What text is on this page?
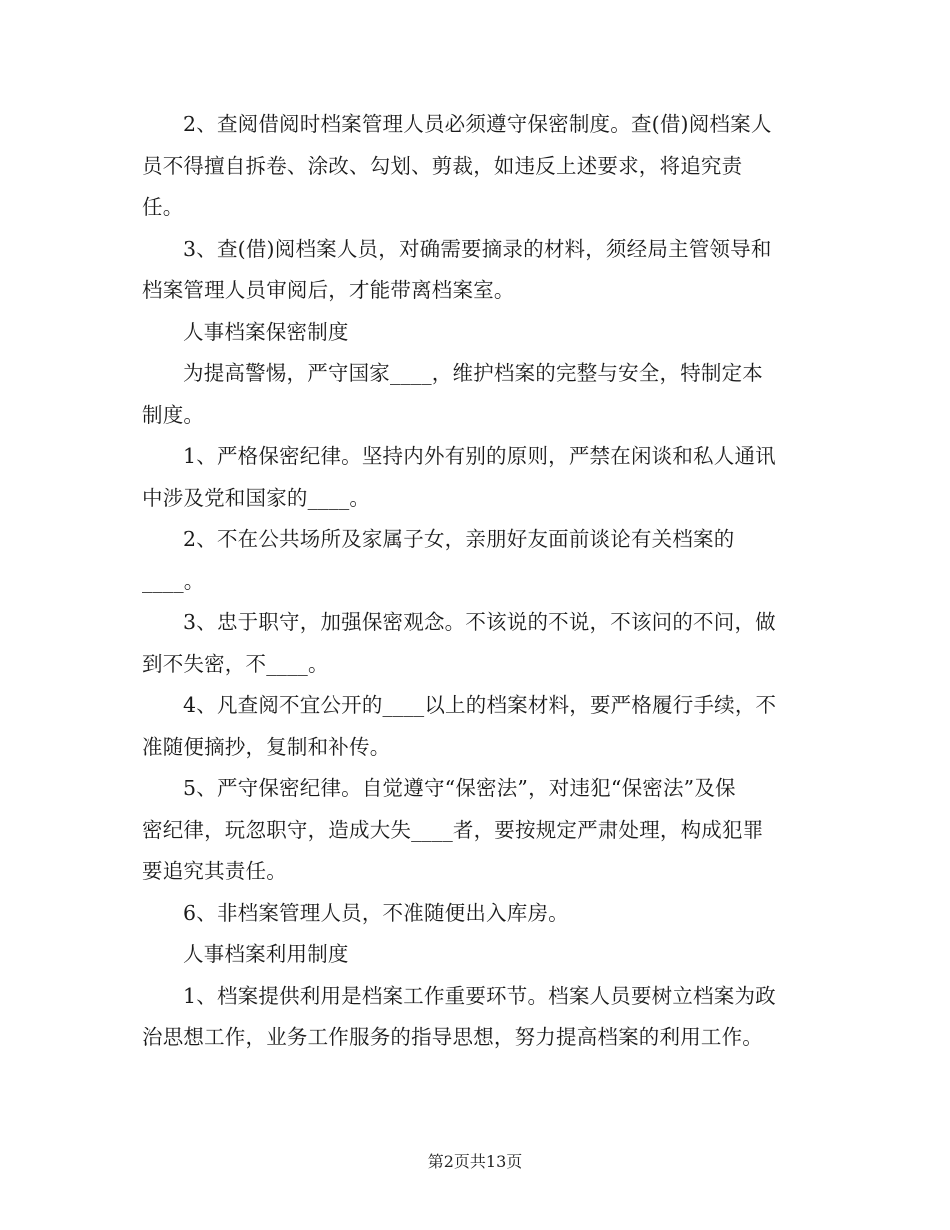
2、查阅借阅时档案管理人员必须遵守保密制度。查(借)阅档案人
员不得擅自拆卷、涂改、勾划、剪裁，如违反上述要求，将追究责
任。

3、查(借)阅档案人员，对确需要摘录的材料，须经局主管领导和
档案管理人员审阅后，才能带离档案室。

人事档案保密制度

为提高警惕，严守国家____，维护档案的完整与安全，特制定本
制度。

1、严格保密纪律。坚持内外有别的原则，严禁在闲谈和私人通讯
中涉及党和国家的____。

2、不在公共场所及家属子女，亲朋好友面前谈论有关档案的
____。

3、忠于职守，加强保密观念。不该说的不说，不该问的不问，做
到不失密，不____。

4、凡查阅不宜公开的____以上的档案材料，要严格履行手续，不
准随便摘抄，复制和补传。

5、严守保密纪律。自觉遵守“保密法”，对违犯“保密法”及保
密纪律，玩忽职守，造成大失____者，要按规定严肃处理，构成犯罪
要追究其责任。

6、非档案管理人员，不准随便出入库房。

人事档案利用制度

1、档案提供利用是档案工作重要环节。档案人员要树立档案为政
治思想工作，业务工作服务的指导思想，努力提高档案的利用工作。

第2页共13页
